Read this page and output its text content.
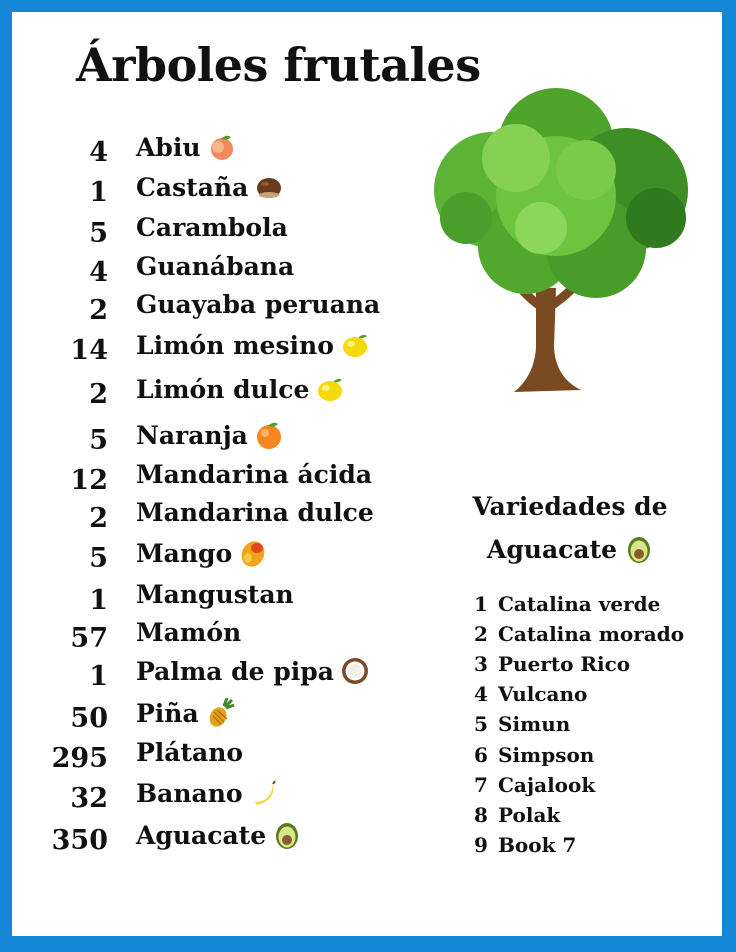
Árboles frutales
4 Abiu
1 Castaña
5 Carambola
4 Guanábana
2 Guayaba peruana
14 Limón mesino
2 Limón dulce
5 Naranja
12 Mandarina ácida
2 Mandarina dulce
5 Mango
1 Mangustan
57 Mamón
1 Palma de pipa
50 Piña
295 Plátano
32 Banano
350 Aguacate
Variedades de
Aguacate
1 Catalina verde
2 Catalina morado
3 Puerto Rico
4 Vulcano
5 Simun
6 Simpson
7 Cajalook
8 Polak
9 Book 7
